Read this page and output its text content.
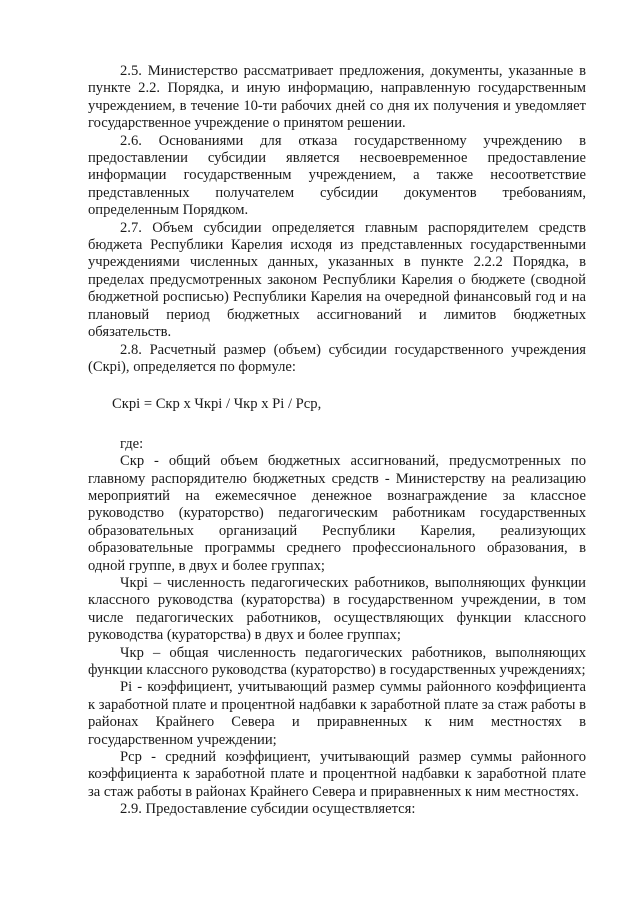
2.5. Министерство рассматривает предложения, документы, указанные в пункте 2.2. Порядка, и иную информацию, направленную государственным учреждением, в течение 10-ти рабочих дней со дня их получения и уведомляет государственное учреждение о принятом решении.

2.6. Основаниями для отказа государственному учреждению в предоставлении субсидии является несвоевременное предоставление информации государственным учреждением, а также несоответствие представленных получателем субсидии документов требованиям, определенным Порядком.

2.7. Объем субсидии определяется главным распорядителем средств бюджета Республики Карелия исходя из представленных государственными учреждениями численных данных, указанных в пункте 2.2.2 Порядка, в пределах предусмотренных законом Республики Карелия о бюджете (сводной бюджетной росписью) Республики Карелия на очередной финансовый год и на плановый период бюджетных ассигнований и лимитов бюджетных обязательств.

2.8. Расчетный размер (объем) субсидии государственного учреждения (Скрi), определяется по формуле:

Скрi = Скр х Чкрi / Чкр х Рi / Рср,

где:

Скр - общий объем бюджетных ассигнований, предусмотренных по главному распорядителю бюджетных средств - Министерству на реализацию мероприятий на ежемесячное денежное вознаграждение за классное руководство (кураторство) педагогическим работникам государственных образовательных организаций Республики Карелия, реализующих образовательные программы среднего профессионального образования, в одной группе, в двух и более группах;

Чкрi – численность педагогических работников, выполняющих функции классного руководства (кураторства) в государственном учреждении, в том числе педагогических работников, осуществляющих функции классного руководства (кураторства) в двух и более группах;

Чкр – общая численность педагогических работников, выполняющих функции классного руководства (кураторство) в государственных учреждениях;

Рi - коэффициент, учитывающий размер суммы районного коэффициента к заработной плате и процентной надбавки к заработной плате за стаж работы в районах Крайнего Севера и приравненных к ним местностях в государственном учреждении;

Рср - средний коэффициент, учитывающий размер суммы районного коэффициента к заработной плате и процентной надбавки к заработной плате за стаж работы в районах Крайнего Севера и приравненных к ним местностях.

2.9. Предоставление субсидии осуществляется:
